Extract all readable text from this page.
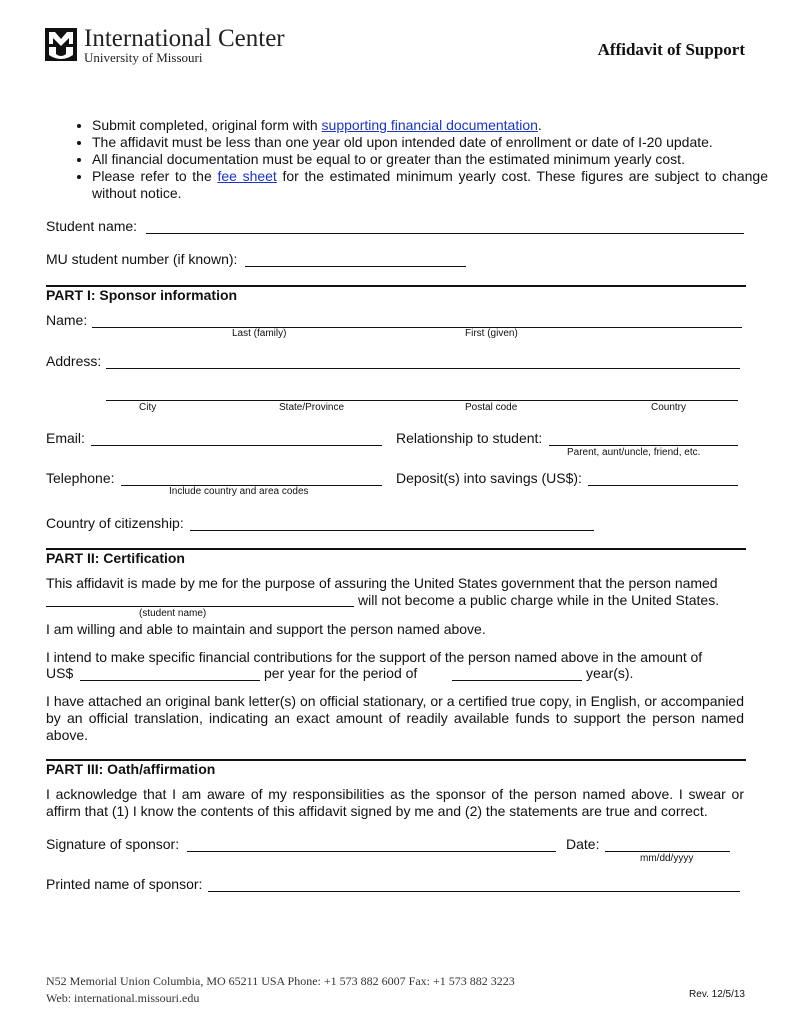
International Center
University of Missouri	Affidavit of Support
• Submit completed, original form with supporting financial documentation.
• The affidavit must be less than one year old upon intended date of enrollment or date of I-20 update.
• All financial documentation must be equal to or greater than the estimated minimum yearly cost.
• Please refer to the fee sheet for the estimated minimum yearly cost. These figures are subject to change without notice.
Student name:
MU student number (if known):
PART I: Sponsor information
Name:
Last (family)	First (given)
Address:
City	State/Province	Postal code	Country
Email:	Relationship to student:
Parent, aunt/uncle, friend, etc.
Telephone:
Include country and area codes
Deposit(s) into savings (US$):
Country of citizenship:
PART II: Certification
This affidavit is made by me for the purpose of assuring the United States government that the person named
will not become a public charge while in the United States.
(student name)
I am willing and able to maintain and support the person named above.
I intend to make specific financial contributions for the support of the person named above in the amount of
US$	per year for the period of	year(s).
I have attached an original bank letter(s) on official stationary, or a certified true copy, in English, or accompanied by an official translation, indicating an exact amount of readily available funds to support the person named above.
PART III: Oath/affirmation
I acknowledge that I am aware of my responsibilities as the sponsor of the person named above. I swear or affirm that (1) I know the contents of this affidavit signed by me and (2) the statements are true and correct.
Signature of sponsor:	Date:
mm/dd/yyyy
Printed name of sponsor:
N52 Memorial Union Columbia, MO 65211 USA Phone: +1 573 882 6007 Fax: +1 573 882 3223
Web: international.missouri.edu	Rev. 12/5/13
